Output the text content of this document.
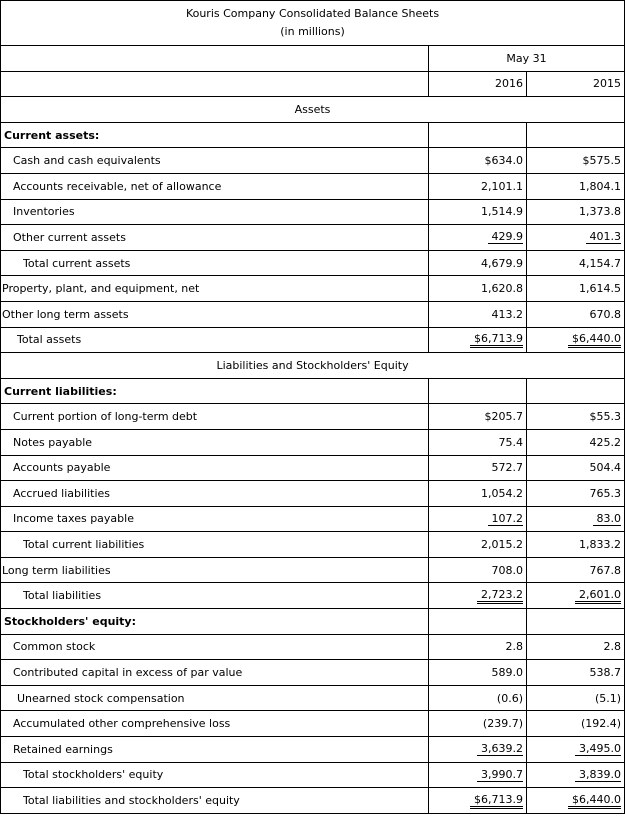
Kouris Company Consolidated Balance Sheets
(in millions)		

	May 31	
	2016	2015
Assets		
Current assets:		
Cash and cash equivalents	$634.0	$575.5
Accounts receivable, net of allowance	2,101.1	1,804.1
Inventories	1,514.9	1,373.8
Other current assets	429.9	401.3
Total current assets	4,679.9	4,154.7
Property, plant, and equipment, net	1,620.8	1,614.5
Other long term assets	413.2	670.8
Total assets	$6,713.9	$6,440.0
Liabilities and Stockholders' Equity		
Current liabilities:		
Current portion of long-term debt	$205.7	$55.3
Notes payable	75.4	425.2
Accounts payable	572.7	504.4
Accrued liabilities	1,054.2	765.3
Income taxes payable	107.2	83.0
Total current liabilities	2,015.2	1,833.2
Long term liabilities	708.0	767.8
Total liabilities	2,723.2	2,601.0
Stockholders' equity:		
Common stock	2.8	2.8
Contributed capital in excess of par value	589.0	538.7
Unearned stock compensation	(0.6)	(5.1)
Accumulated other comprehensive loss	(239.7)	(192.4)
Retained earnings	3,639.2	3,495.0
Total stockholders' equity	3,990.7	3,839.0
Total liabilities and stockholders' equity	$6,713.9	$6,440.0
